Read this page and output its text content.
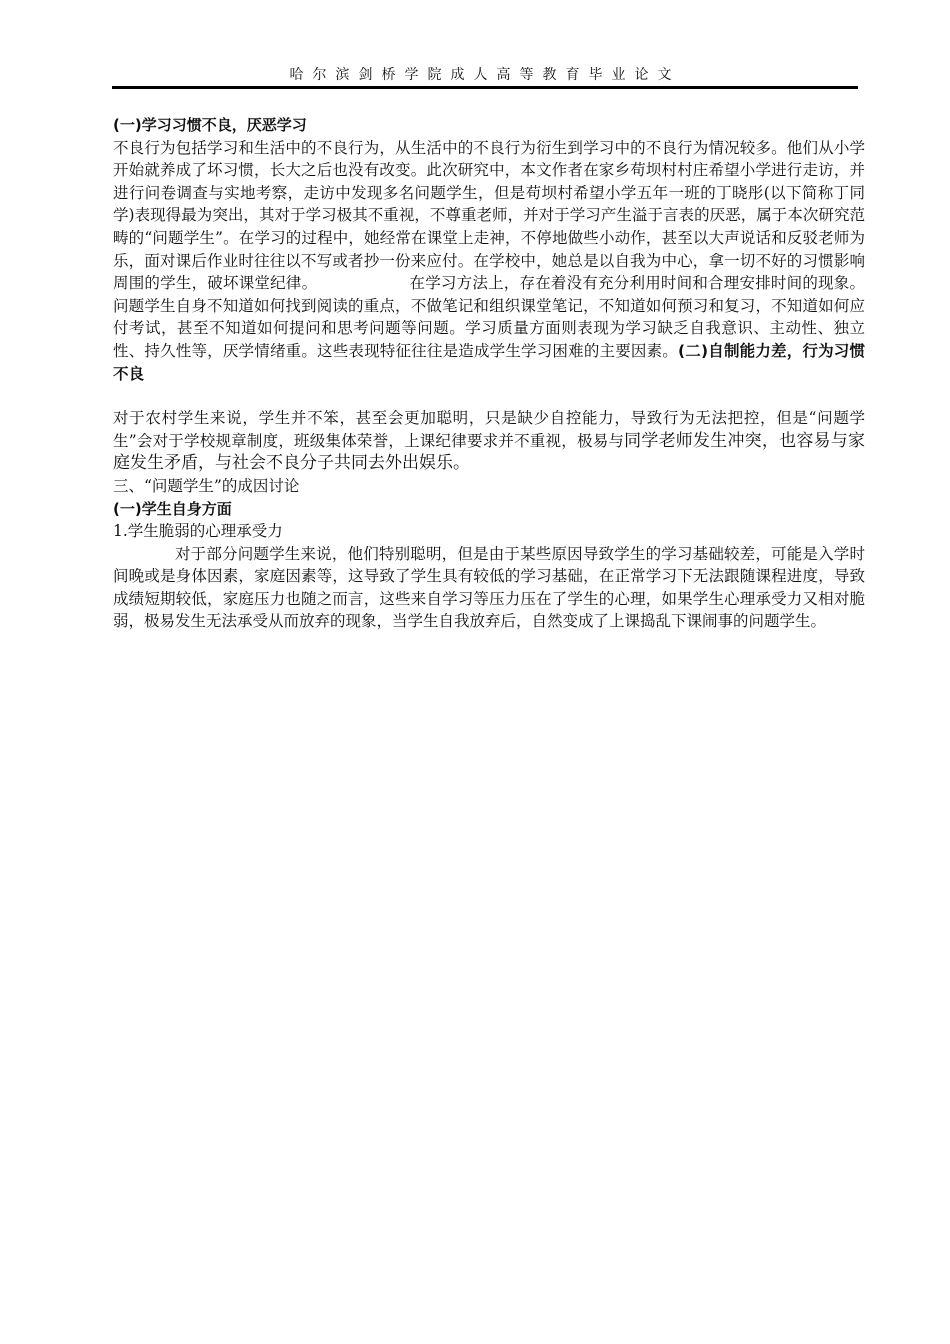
哈尔滨剑桥学院成人高等教育毕业论文

(一)学习习惯不良，厌恶学习

不良行为包括学习和生活中的不良行为，从生活中的不良行为衍生到学习中的不良行为情况较多。他们从小学开始就养成了坏习惯，长大之后也没有改变。此次研究中，本文作者在家乡苟坝村村庄希望小学进行走访，并进行问卷调查与实地考察，走访中发现多名问题学生，但是苟坝村希望小学五年一班的丁晓彤(以下简称丁同学)表现得最为突出，其对于学习极其不重视，不尊重老师，并对于学习产生溢于言表的厌恶，属于本次研究范畴的“问题学生”。在学习的过程中，她经常在课堂上走神，不停地做些小动作，甚至以大声说话和反驳老师为乐，面对课后作业时往往以不写或者抄一份来应付。在学校中，她总是以自我为中心，拿一切不好的习惯影响周围的学生，破坏课堂纪律。	在学习方法上，存在着没有充分利用时间和合理安排时间的现象。问题学生自身不知道如何找到阅读的重点，不做笔记和组织课堂笔记，不知道如何预习和复习，不知道如何应付考试，甚至不知道如何提问和思考问题等问题。学习质量方面则表现为学习缺乏自我意识、主动性、独立性、持久性等，厌学情绪重。这些表现特征往往是造成学生学习困难的主要因素。(二)自制能力差，行为习惯不良

对于农村学生来说，学生并不笨，甚至会更加聪明，只是缺少自控能力，导致行为无法把控，但是“问题学生”会对于学校规章制度，班级集体荣誉，上课纪律要求并不重视，极易与同学老师发生冲突，也容易与家庭发生矛盾，与社会不良分子共同去外出娱乐。

三、“问题学生”的成因讨论

(一)学生自身方面

1.学生脆弱的心理承受力

对于部分问题学生来说，他们特别聪明，但是由于某些原因导致学生的学习基础较差，可能是入学时间晚或是身体因素，家庭因素等，这导致了学生具有较低的学习基础，在正常学习下无法跟随课程进度，导致成绩短期较低，家庭压力也随之而言，这些来自学习等压力压在了学生的心理，如果学生心理承受力又相对脆弱，极易发生无法承受从而放弃的现象，当学生自我放弃后，自然变成了上课捣乱下课闹事的问题学生。
